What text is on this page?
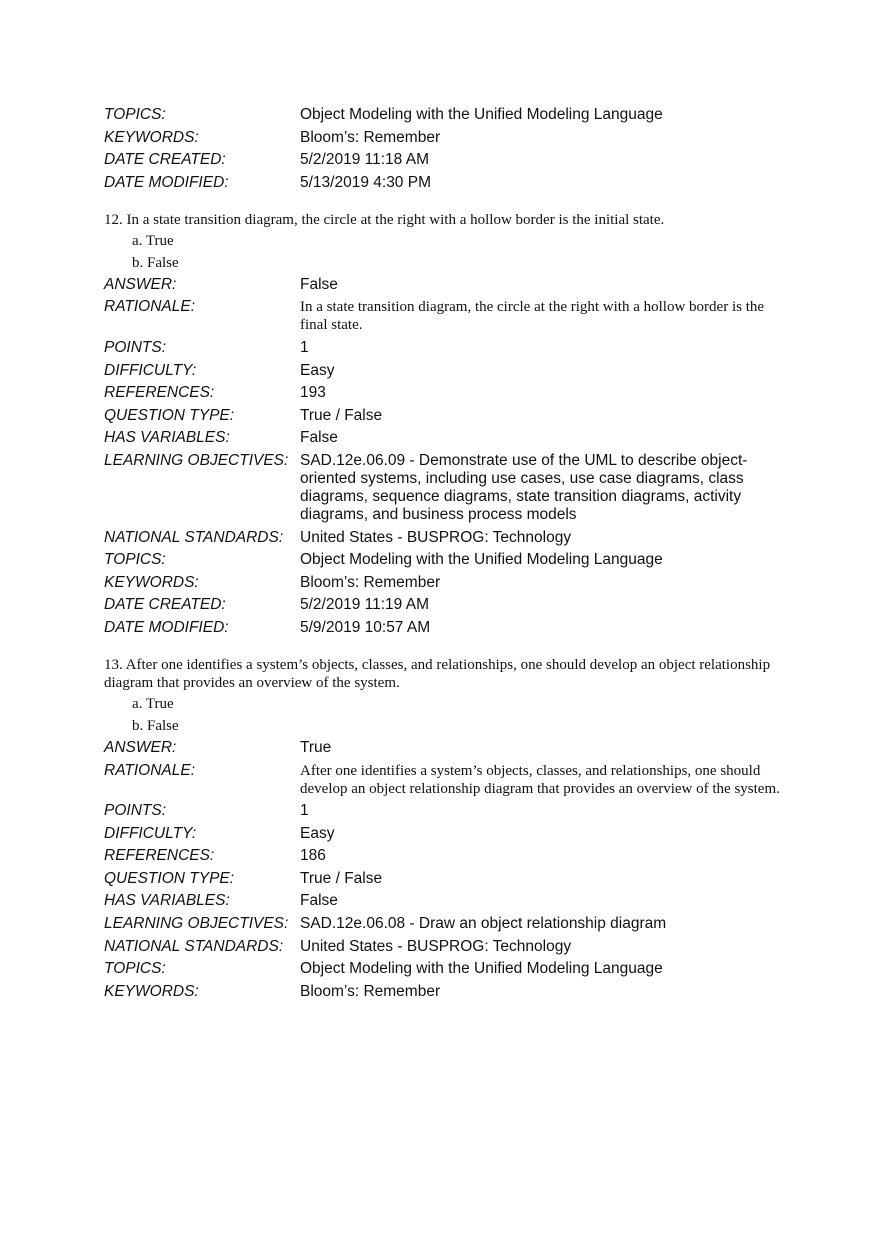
TOPICS:	Object Modeling with the Unified Modeling Language
KEYWORDS:	Bloom’s: Remember
DATE CREATED:	5/2/2019 11:18 AM
DATE MODIFIED:	5/13/2019 4:30 PM
12. In a state transition diagram, the circle at the right with a hollow border is the initial state.
a. True
b. False
ANSWER:	False
RATIONALE:	In a state transition diagram, the circle at the right with a hollow border is the final state.
POINTS:	1
DIFFICULTY:	Easy
REFERENCES:	193
QUESTION TYPE:	True / False
HAS VARIABLES:	False
LEARNING OBJECTIVES: SAD.12e.06.09 - Demonstrate use of the UML to describe object-oriented systems, including use cases, use case diagrams, class diagrams, sequence diagrams, state transition diagrams, activity diagrams, and business process models
NATIONAL STANDARDS:	United States - BUSPROG: Technology
TOPICS:	Object Modeling with the Unified Modeling Language
KEYWORDS:	Bloom’s: Remember
DATE CREATED:	5/2/2019 11:19 AM
DATE MODIFIED:	5/9/2019 10:57 AM
13. After one identifies a system’s objects, classes, and relationships, one should develop an object relationship diagram that provides an overview of the system.
a. True
b. False
ANSWER:	True
RATIONALE:	After one identifies a system’s objects, classes, and relationships, one should develop an object relationship diagram that provides an overview of the system.
POINTS:	1
DIFFICULTY:	Easy
REFERENCES:	186
QUESTION TYPE:	True / False
HAS VARIABLES:	False
LEARNING OBJECTIVES: SAD.12e.06.08 - Draw an object relationship diagram
NATIONAL STANDARDS:	United States - BUSPROG: Technology
TOPICS:	Object Modeling with the Unified Modeling Language
KEYWORDS:	Bloom’s: Remember
